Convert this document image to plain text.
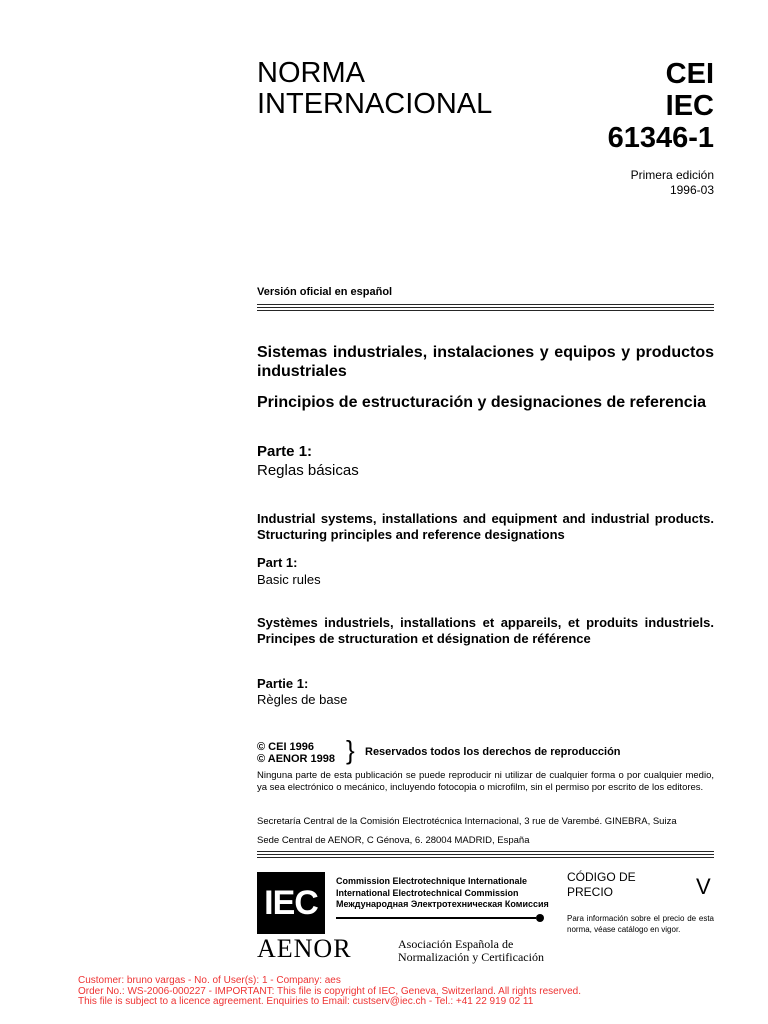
NORMA
INTERNACIONAL
CEI
IEC
61346-1
Primera edición
1996-03
Versión oficial en español
Sistemas industriales, instalaciones y equipos y productos industriales
Principios de estructuración y designaciones de referencia
Parte 1:
Reglas básicas
Industrial systems, installations and equipment and industrial products. Structuring principles and reference designations
Part 1:
Basic rules
Systèmes industriels, installations et appareils, et produits industriels. Principes de structuration et désignation de référence
Partie 1:
Règles de base
© CEI 1996
© AENOR 1998 } Reservados todos los derechos de reproducción
Ninguna parte de esta publicación se puede reproducir ni utilizar de cualquier forma o por cualquier medio, ya sea electrónico o mecánico, incluyendo fotocopia o microfilm, sin el permiso por escrito de los editores.
Secretaría Central de la Comisión Electrotécnica Internacional, 3 rue de Varembé. GINEBRA, Suiza
Sede Central de AENOR, C Génova, 6. 28004 MADRID, España
IEC
Commission Electrotechnique Internationale
International Electrotechnical Commission
Международная Электротехническая Комиссия
AENOR	Asociación Española de
Normalización y Certificación
CÓDIGO DE
PRECIO	V
Para información sobre el precio de esta norma, véase catálogo en vigor.
Customer: bruno vargas - No. of User(s): 1 - Company: aes
Order No.: WS-2006-000227 - IMPORTANT: This file is copyright of IEC, Geneva, Switzerland. All rights reserved.
This file is subject to a licence agreement. Enquiries to Email: custserv@iec.ch - Tel.: +41 22 919 02 11
